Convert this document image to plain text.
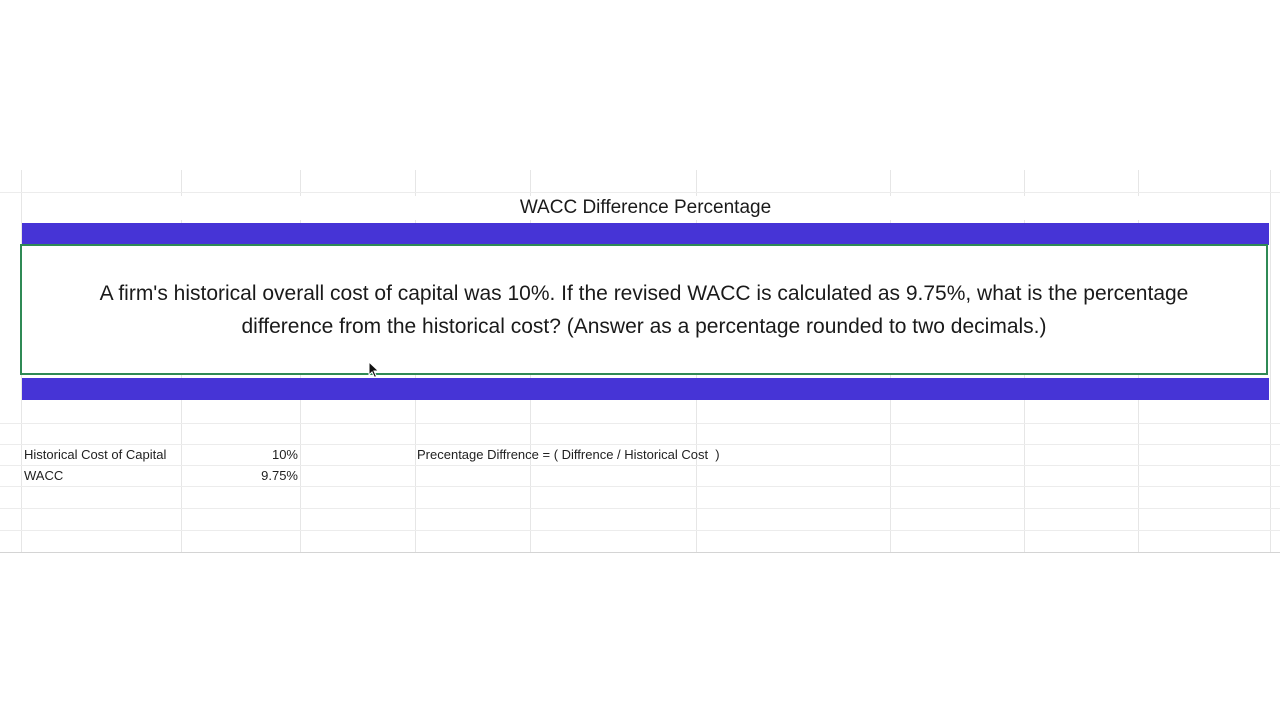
WACC Difference Percentage
A firm's historical overall cost of capital was 10%. If the revised WACC is calculated as 9.75%, what is the percentage difference from the historical cost? (Answer as a percentage rounded to two decimals.)
Historical Cost of Capital	10%
WACC	9.75%
Precentage Diffrence = ( Diffrence / Historical Cost  )
